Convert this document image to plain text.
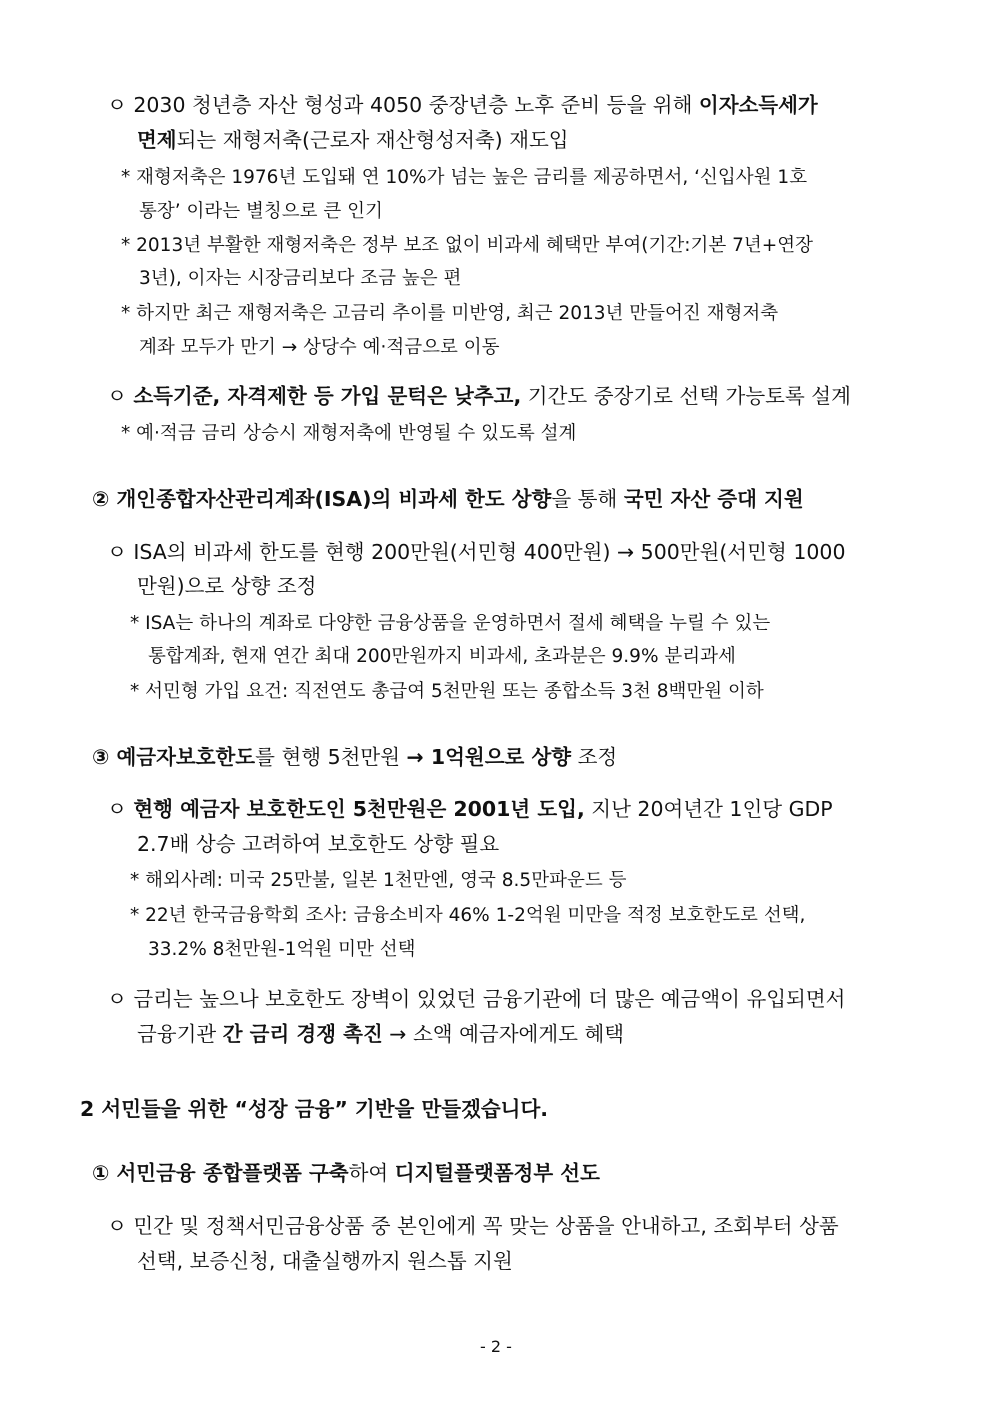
ㅇ 2030 청년층 자산 형성과 4050 중장년층 노후 준비 등을 위해 이자소득세가
면제되는 재형저축(근로자 재산형성저축) 재도입
* 재형저축은 1976년 도입돼 연 10%가 넘는 높은 금리를 제공하면서, ‘신입사원 1호
통장’ 이라는 별칭으로 큰 인기
* 2013년 부활한 재형저축은 정부 보조 없이 비과세 혜택만 부여(기간:기본 7년+연장
3년), 이자는 시장금리보다 조금 높은 편
* 하지만 최근 재형저축은 고금리 추이를 미반영, 최근 2013년 만들어진 재형저축
계좌 모두가 만기 → 상당수 예·적금으로 이동
ㅇ 소득기준, 자격제한 등 가입 문턱은 낮추고, 기간도 중장기로 선택 가능토록 설계
* 예·적금 금리 상승시 재형저축에 반영될 수 있도록 설계
② 개인종합자산관리계좌(ISA)의 비과세 한도 상향을 통해 국민 자산 증대 지원
ㅇ ISA의 비과세 한도를 현행 200만원(서민형 400만원) → 500만원(서민형 1000
만원)으로 상향 조정
* ISA는 하나의 계좌로 다양한 금융상품을 운영하면서 절세 혜택을 누릴 수 있는
통합계좌, 현재 연간 최대 200만원까지 비과세, 초과분은 9.9% 분리과세
* 서민형 가입 요건: 직전연도 총급여 5천만원 또는 종합소득 3천 8백만원 이하
③ 예금자보호한도를 현행 5천만원 → 1억원으로 상향 조정
ㅇ 현행 예금자 보호한도인 5천만원은 2001년 도입, 지난 20여년간 1인당 GDP
2.7배 상승 고려하여 보호한도 상향 필요
* 해외사례: 미국 25만불, 일본 1천만엔, 영국 8.5만파운드 등
* 22년 한국금융학회 조사: 금융소비자 46% 1-2억원 미만을 적정 보호한도로 선택,
33.2% 8천만원-1억원 미만 선택
ㅇ 금리는 높으나 보호한도 장벽이 있었던 금융기관에 더 많은 예금액이 유입되면서
금융기관 간 금리 경쟁 촉진 → 소액 예금자에게도 혜택
2 서민들을 위한 “성장 금융” 기반을 만들겠습니다.
① 서민금융 종합플랫폼 구축하여 디지털플랫폼정부 선도
ㅇ 민간 및 정책서민금융상품 중 본인에게 꼭 맞는 상품을 안내하고, 조회부터 상품
선택, 보증신청, 대출실행까지 원스톱 지원
- 2 -
